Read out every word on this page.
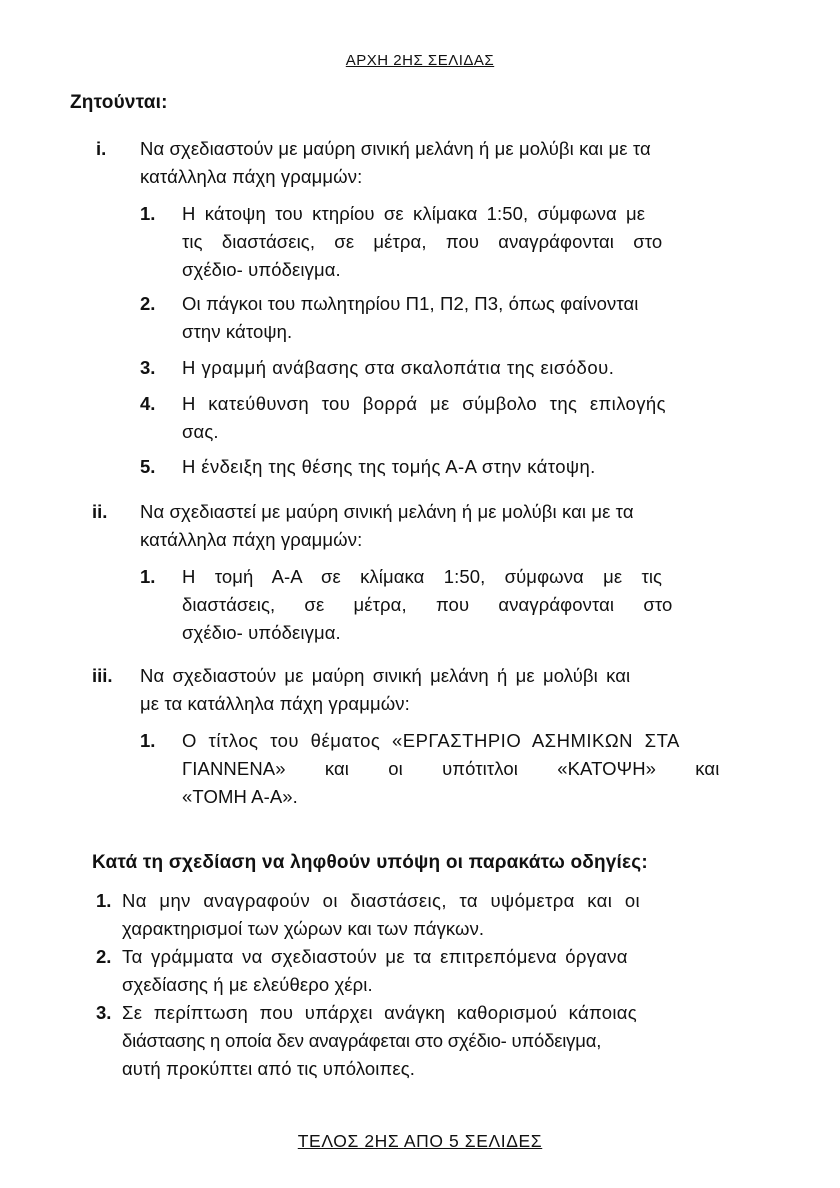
ΑΡΧΗ 2ΗΣ ΣΕΛΙΔΑΣ
Ζητούνται:
i. Να σχεδιαστούν με μαύρη σινική μελάνη ή με μολύβι και με τα
κατάλληλα πάχη γραμμών:
1. Η κάτοψη του κτηρίου σε κλίμακα 1:50, σύμφωνα με
τις διαστάσεις, σε μέτρα, που αναγράφονται στο
σχέδιο- υπόδειγμα.
2. Οι πάγκοι του πωλητηρίου Π1, Π2, Π3, όπως φαίνονται
στην κάτοψη.
3. Η γραμμή ανάβασης στα σκαλοπάτια της εισόδου.
4. Η κατεύθυνση του βορρά με σύμβολο της επιλογής
σας.
5. Η ένδειξη της θέσης της τομής Α-Α στην κάτοψη.
ii. Να σχεδιαστεί με μαύρη σινική μελάνη ή με μολύβι και με τα
κατάλληλα πάχη γραμμών:
1. Η τομή Α-Α σε κλίμακα 1:50, σύμφωνα με τις
διαστάσεις, σε μέτρα, που αναγράφονται στο
σχέδιο- υπόδειγμα.
iii. Να σχεδιαστούν με μαύρη σινική μελάνη ή με μολύβι και
με τα κατάλληλα πάχη γραμμών:
1. Ο τίτλος του θέματος «ΕΡΓΑΣΤΗΡΙΟ ΑΣΗΜΙΚΩΝ ΣΤΑ
ΓΙΑΝΝΕΝΑ» και οι υπότιτλοι «ΚΑΤΟΨΗ» και
«ΤΟΜΗ Α-Α».
Κατά τη σχεδίαση να ληφθούν υπόψη οι παρακάτω οδηγίες:
1. Να μην αναγραφούν οι διαστάσεις, τα υψόμετρα και οι
χαρακτηρισμοί των χώρων και των πάγκων.
2. Τα γράμματα να σχεδιαστούν με τα επιτρεπόμενα όργανα
σχεδίασης ή με ελεύθερο χέρι.
3. Σε περίπτωση που υπάρχει ανάγκη καθορισμού κάποιας
διάστασης η οποία δεν αναγράφεται στο σχέδιο- υπόδειγμα,
αυτή προκύπτει από τις υπόλοιπες.
ΤΕΛΟΣ 2ΗΣ ΑΠΟ 5 ΣΕΛΙΔΕΣ
